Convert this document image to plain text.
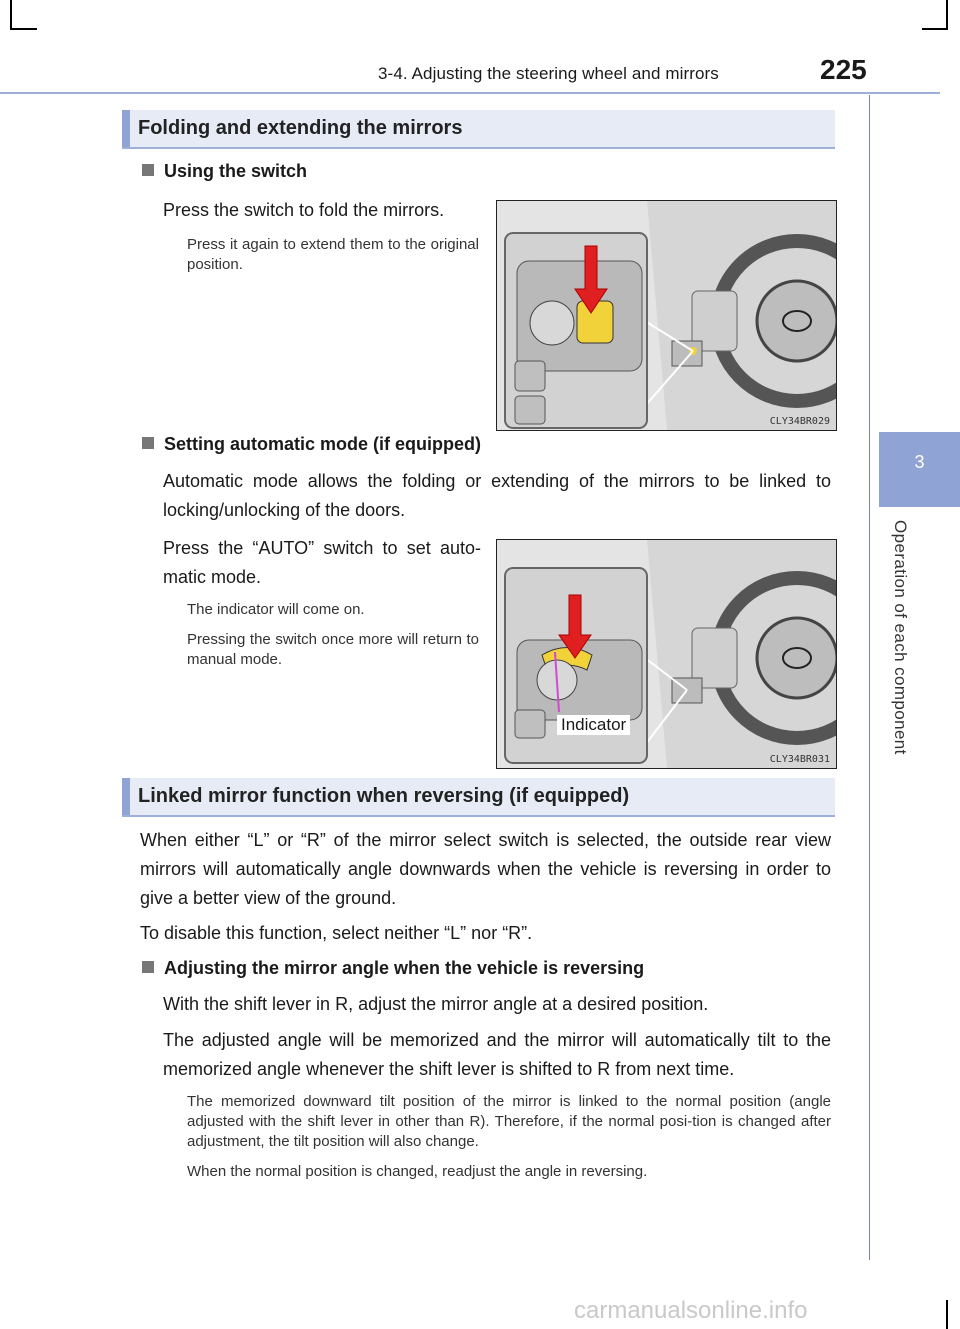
3-4. Adjusting the steering wheel and mirrors	225
3
Operation of each component
Folding and extending the mirrors
Using the switch
Press the switch to fold the mirrors.
Press it again to extend them to the original position.
CLY34BR029
Setting automatic mode (if equipped)
Automatic mode allows the folding or extending of the mirrors to be linked to locking/unlocking of the doors.
Press the “AUTO” switch to set auto-matic mode.
The indicator will come on.
Pressing the switch once more will return to manual mode.
Indicator
CLY34BR031
Linked mirror function when reversing (if equipped)
When either “L” or “R” of the mirror select switch is selected, the outside rear view mirrors will automatically angle downwards when the vehicle is reversing in order to give a better view of the ground.
To disable this function, select neither “L” nor “R”.
Adjusting the mirror angle when the vehicle is reversing
With the shift lever in R, adjust the mirror angle at a desired position.
The adjusted angle will be memorized and the mirror will automatically tilt to the memorized angle whenever the shift lever is shifted to R from next time.
The memorized downward tilt position of the mirror is linked to the normal position (angle adjusted with the shift lever in other than R). Therefore, if the normal posi-tion is changed after adjustment, the tilt position will also change.
When the normal position is changed, readjust the angle in reversing.
carmanualsonline.info
